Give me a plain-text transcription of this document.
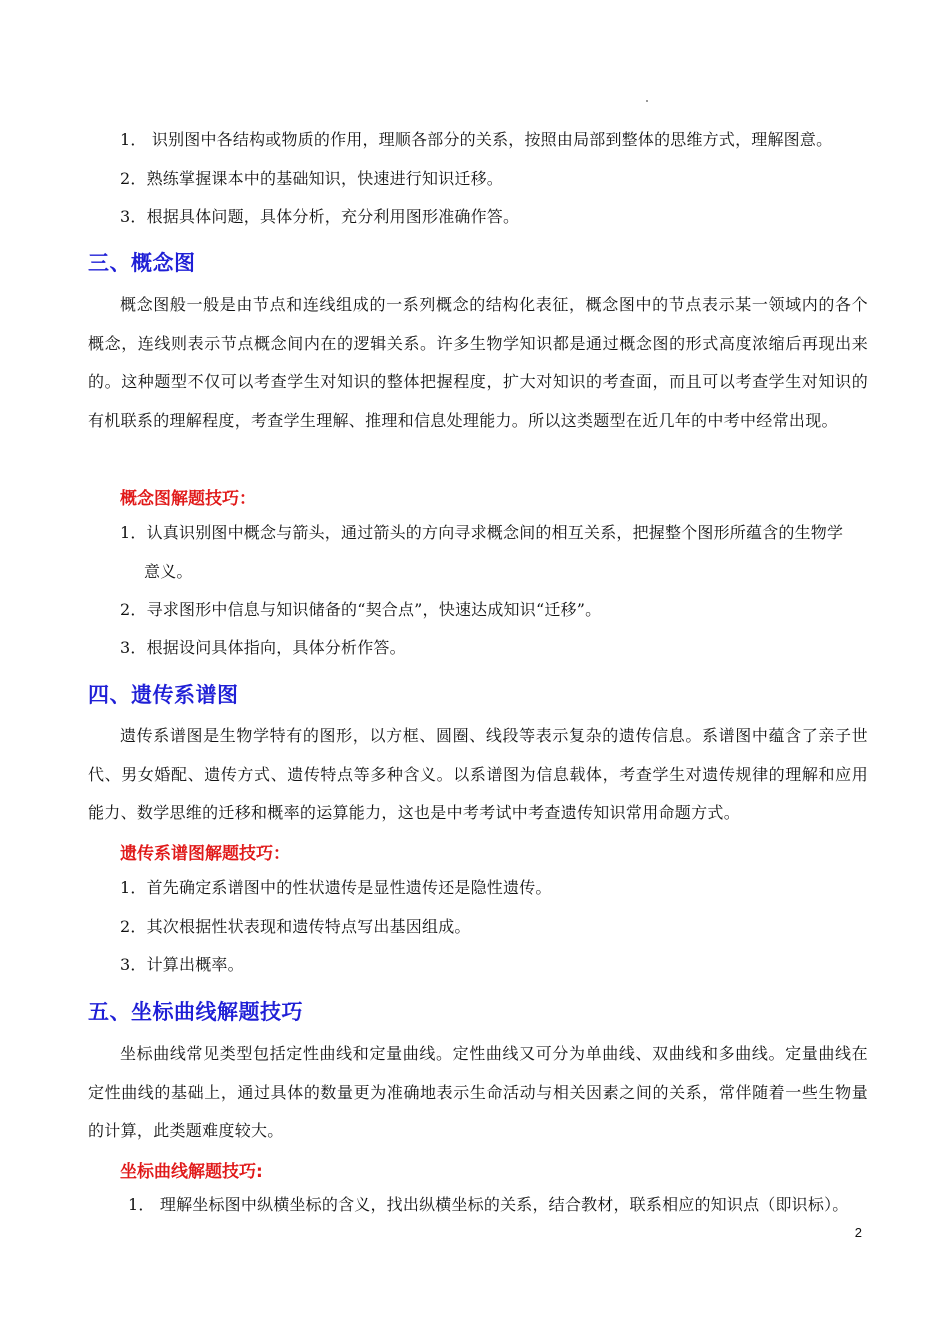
1． 识别图中各结构或物质的作用，理顺各部分的关系，按照由局部到整体的思维方式，理解图意。
2．熟练掌握课本中的基础知识，快速进行知识迁移。
3．根据具体问题，具体分析，充分利用图形准确作答。
三、概念图
概念图般一般是由节点和连线组成的一系列概念的结构化表征，概念图中的节点表示某一领域内的各个概念，连线则表示节点概念间内在的逻辑关系。许多生物学知识都是通过概念图的形式高度浓缩后再现出来的。这种题型不仅可以考查学生对知识的整体把握程度，扩大对知识的考查面，而且可以考查学生对知识的有机联系的理解程度，考查学生理解、推理和信息处理能力。所以这类题型在近几年的中考中经常出现。
概念图解题技巧：
1．认真识别图中概念与箭头，通过箭头的方向寻求概念间的相互关系，把握整个图形所蕴含的生物学
意义。
2．寻求图形中信息与知识储备的“契合点”，快速达成知识“迁移”。
3．根据设问具体指向，具体分析作答。
四、遗传系谱图
遗传系谱图是生物学特有的图形，以方框、圆圈、线段等表示复杂的遗传信息。系谱图中蕴含了亲子世代、男女婚配、遗传方式、遗传特点等多种含义。以系谱图为信息载体，考查学生对遗传规律的理解和应用能力、数学思维的迁移和概率的运算能力，这也是中考考试中考查遗传知识常用命题方式。
遗传系谱图解题技巧：
1．首先确定系谱图中的性状遗传是显性遗传还是隐性遗传。
2．其次根据性状表现和遗传特点写出基因组成。
3．计算出概率。
五、坐标曲线解题技巧
坐标曲线常见类型包括定性曲线和定量曲线。定性曲线又可分为单曲线、双曲线和多曲线。定量曲线在定性曲线的基础上，通过具体的数量更为准确地表示生命活动与相关因素之间的关系，常伴随着一些生物量的计算，此类题难度较大。
坐标曲线解题技巧:
1． 理解坐标图中纵横坐标的含义，找出纵横坐标的关系，结合教材，联系相应的知识点（即识标）。
2
